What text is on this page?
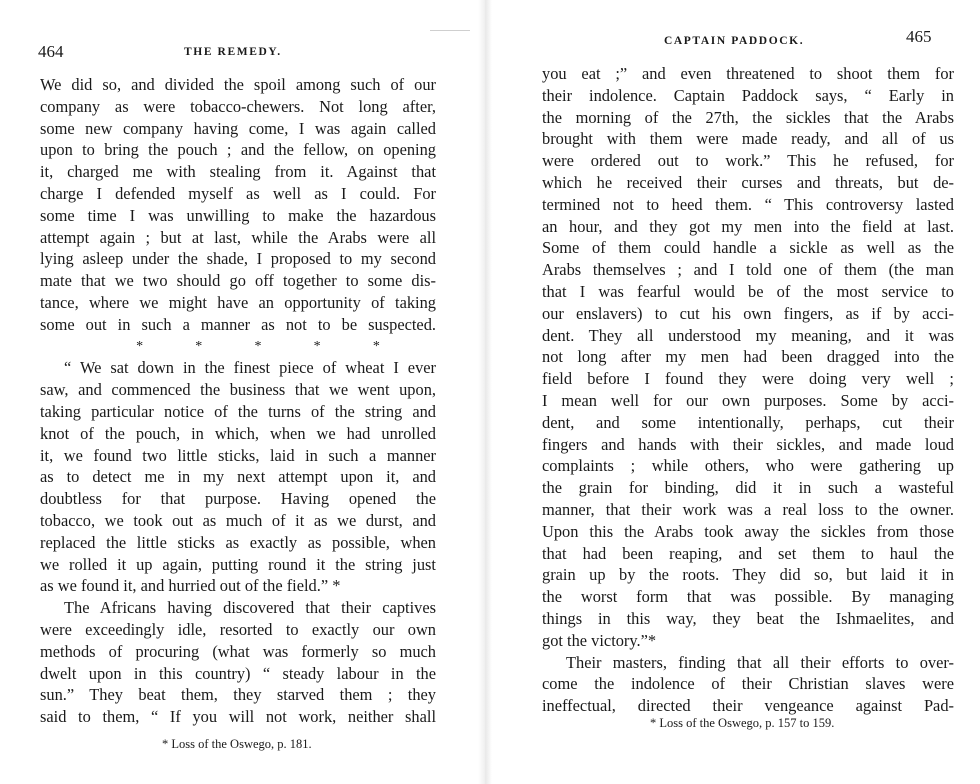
464	THE REMEDY.
We did so, and divided the spoil among such of our
company as were tobacco-chewers. Not long after,
some new company having come, I was again called
upon to bring the pouch ; and the fellow, on opening
it, charged me with stealing from it. Against that
charge I defended myself as well as I could. For
some time I was unwilling to make the hazardous
attempt again ; but at last, while the Arabs were all
lying asleep under the shade, I proposed to my second
mate that we two should go off together to some dis-
tance, where we might have an opportunity of taking
some out in such a manner as not to be suspected.
*	*	*	*	*
“ We sat down in the finest piece of wheat I ever
saw, and commenced the business that we went upon,
taking particular notice of the turns of the string and
knot of the pouch, in which, when we had unrolled
it, we found two little sticks, laid in such a manner
as to detect me in my next attempt upon it, and
doubtless for that purpose. Having opened the
tobacco, we took out as much of it as we durst, and
replaced the little sticks as exactly as possible, when
we rolled it up again, putting round it the string just
as we found it, and hurried out of the field.” *
The Africans having discovered that their captives
were exceedingly idle, resorted to exactly our own
methods of procuring (what was formerly so much
dwelt upon in this country) “ steady labour in the
sun.” They beat them, they starved them ; they
said to them, “ If you will not work, neither shall
* Loss of the Oswego, p. 181.
CAPTAIN PADDOCK.	465
you eat ;” and even threatened to shoot them for
their indolence. Captain Paddock says, “ Early in
the morning of the 27th, the sickles that the Arabs
brought with them were made ready, and all of us
were ordered out to work.” This he refused, for
which he received their curses and threats, but de-
termined not to heed them. “ This controversy lasted
an hour, and they got my men into the field at last.
Some of them could handle a sickle as well as the
Arabs themselves ; and I told one of them (the man
that I was fearful would be of the most service to
our enslavers) to cut his own fingers, as if by acci-
dent. They all understood my meaning, and it was
not long after my men had been dragged into the
field before I found they were doing very well ;
I mean well for our own purposes. Some by acci-
dent, and some intentionally, perhaps, cut their
fingers and hands with their sickles, and made loud
complaints ; while others, who were gathering up
the grain for binding, did it in such a wasteful
manner, that their work was a real loss to the owner.
Upon this the Arabs took away the sickles from those
that had been reaping, and set them to haul the
grain up by the roots. They did so, but laid it in
the worst form that was possible. By managing
things in this way, they beat the Ishmaelites, and
got the victory.”*
Their masters, finding that all their efforts to over-
come the indolence of their Christian slaves were
ineffectual, directed their vengeance against Pad-
* Loss of the Oswego, p. 157 to 159.
